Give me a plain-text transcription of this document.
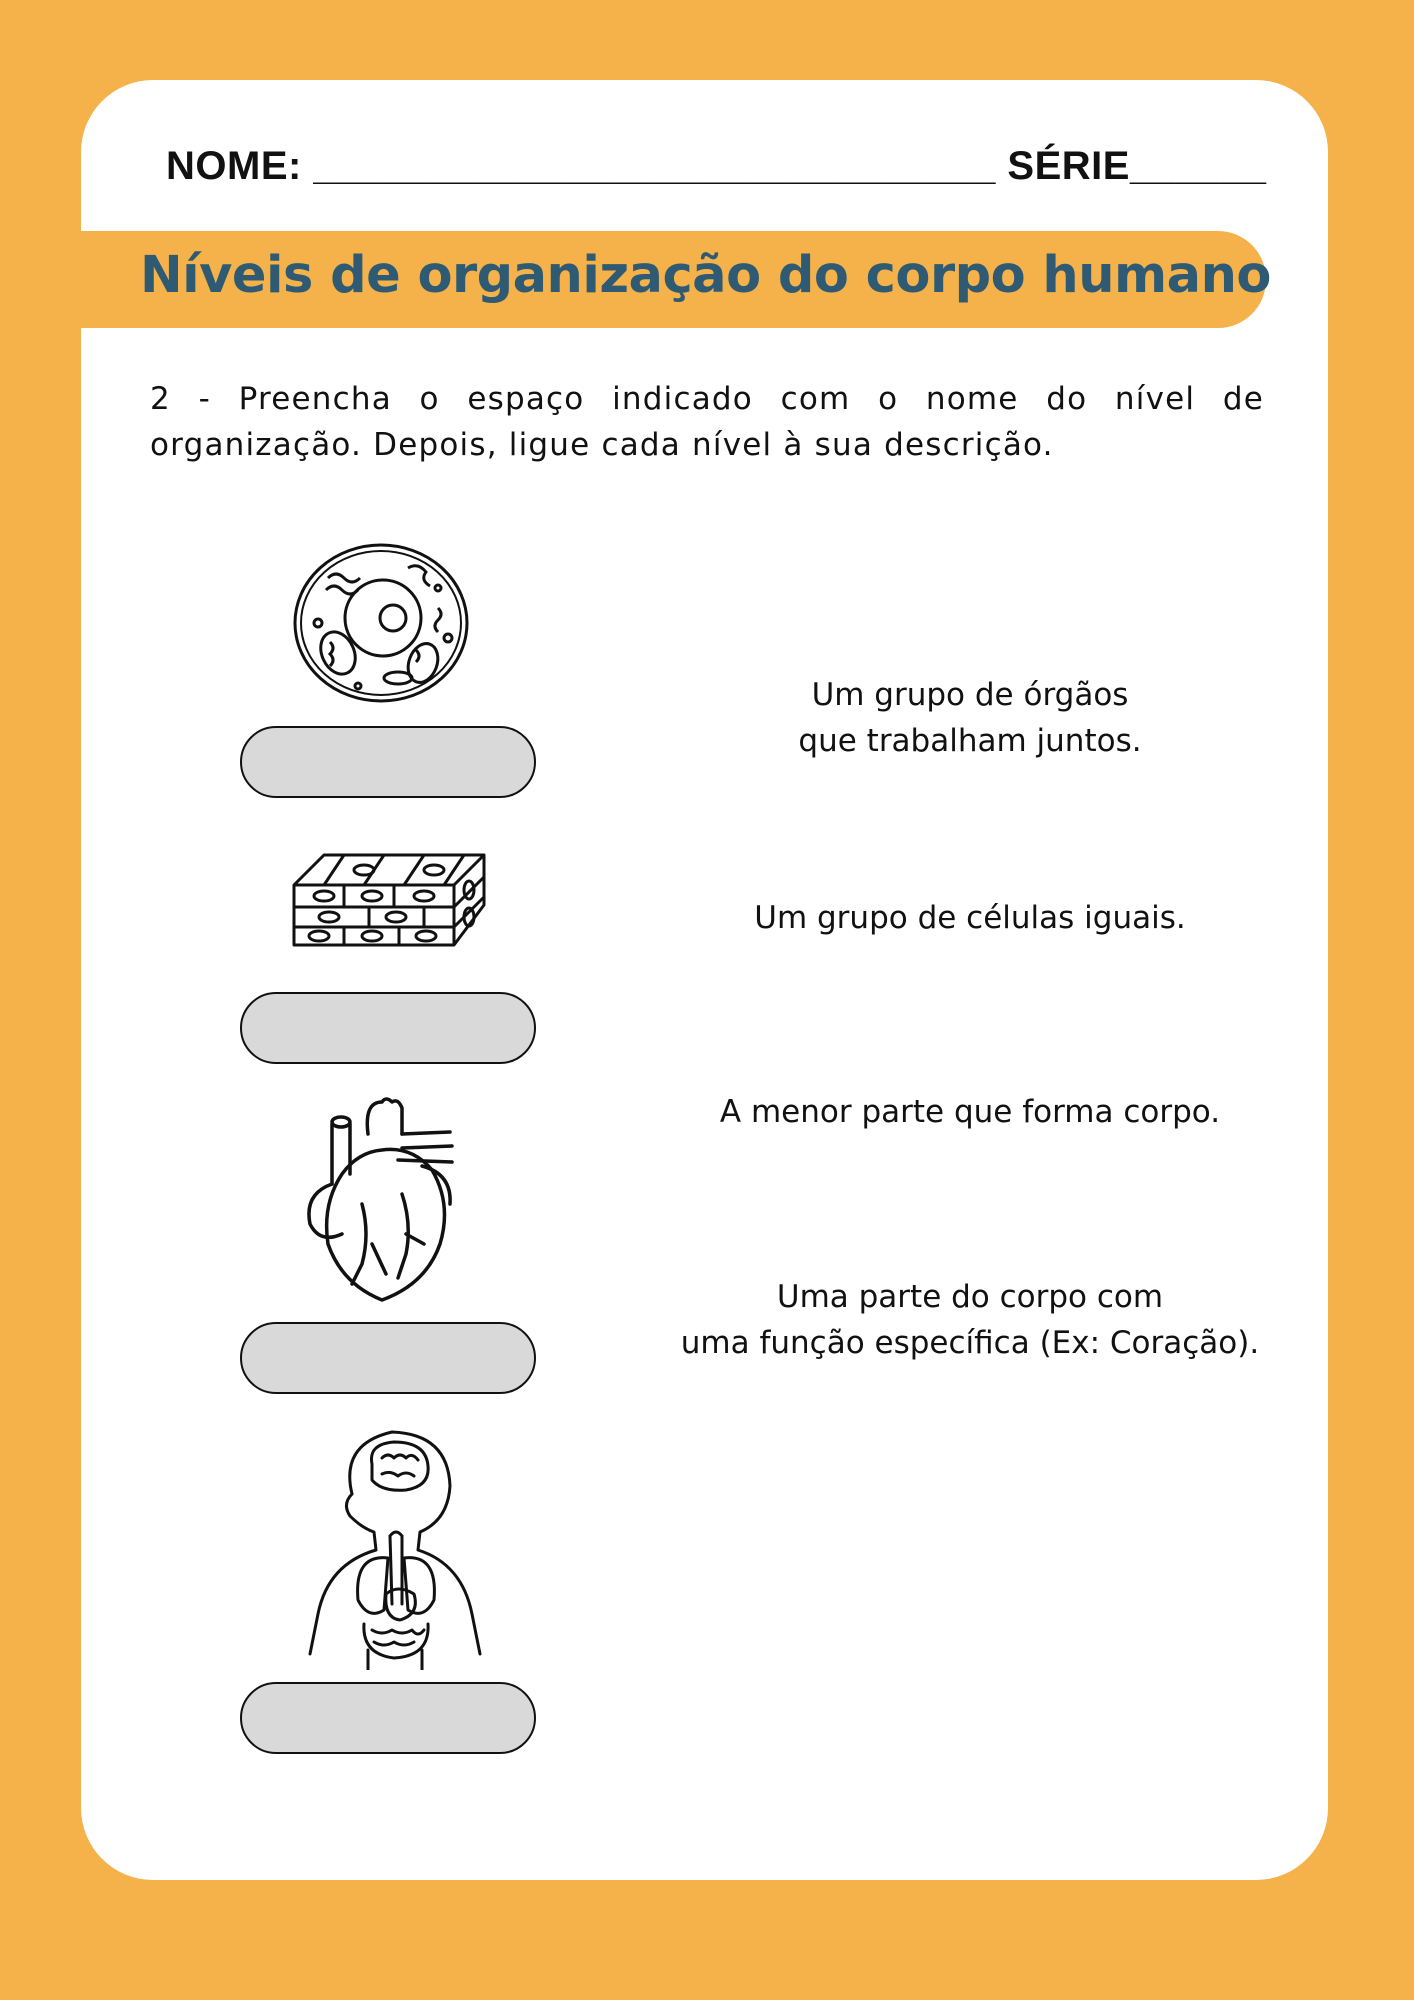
NOME: ______________________________ SÉRIE______
Níveis de organização do corpo humano
2 - Preencha o espaço indicado com o nome do nível de organização. Depois, ligue cada nível à sua descrição.
Um grupo de órgãos
que trabalham juntos.
Um grupo de células iguais.
A menor parte que forma corpo.
Uma parte do corpo com
uma função específica (Ex: Coração).
